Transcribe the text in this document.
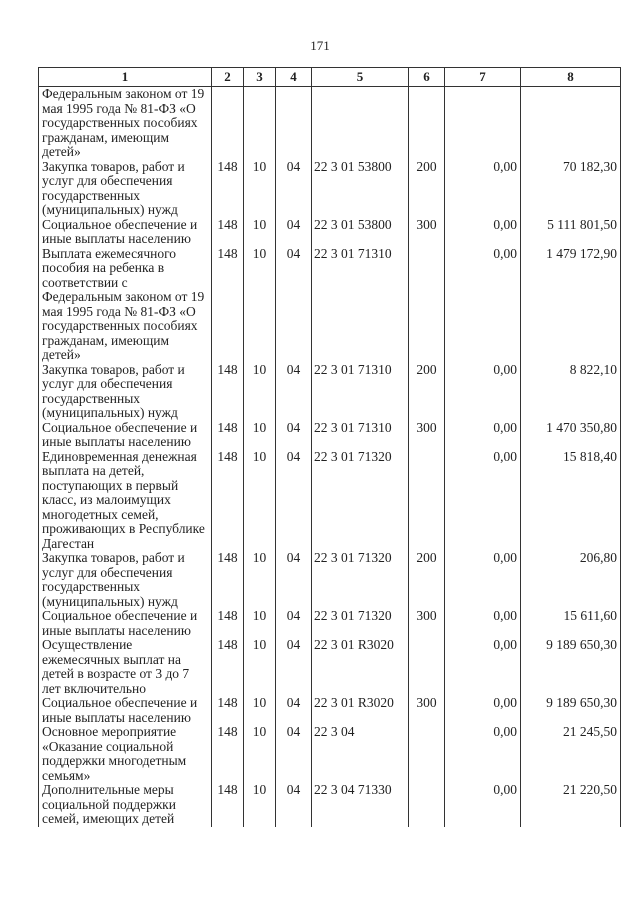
171
1	2	3	4	5	6	7	8
Федеральным законом от 19 мая 1995 года № 81-ФЗ «О государственных пособиях гражданам, имеющим детей»							
Закупка товаров, работ и услуг для обеспечения государственных (муниципальных) нужд	148	10	04	22 3 01 53800	200	0,00	70 182,30
Социальное обеспечение и иные выплаты населению	148	10	04	22 3 01 53800	300	0,00	5 111 801,50
Выплата ежемесячного пособия на ребенка в соответствии с Федеральным законом от 19 мая 1995 года № 81-ФЗ «О государственных пособиях гражданам, имеющим детей»	148	10	04	22 3 01 71310		0,00	1 479 172,90
Закупка товаров, работ и услуг для обеспечения государственных (муниципальных) нужд	148	10	04	22 3 01 71310	200	0,00	8 822,10
Социальное обеспечение и иные выплаты населению	148	10	04	22 3 01 71310	300	0,00	1 470 350,80
Единовременная денежная выплата на детей, поступающих в первый класс, из малоимущих многодетных семей, проживающих в Республике Дагестан	148	10	04	22 3 01 71320		0,00	15 818,40
Закупка товаров, работ и услуг для обеспечения государственных (муниципальных) нужд	148	10	04	22 3 01 71320	200	0,00	206,80
Социальное обеспечение и иные выплаты населению	148	10	04	22 3 01 71320	300	0,00	15 611,60
Осуществление ежемесячных выплат на детей в возрасте от 3 до 7 лет включительно	148	10	04	22 3 01 R3020		0,00	9 189 650,30
Социальное обеспечение и иные выплаты населению	148	10	04	22 3 01 R3020	300	0,00	9 189 650,30
Основное мероприятие «Оказание социальной поддержки многодетным семьям»	148	10	04	22 3 04		0,00	21 245,50
Дополнительные меры социальной поддержки семей, имеющих детей	148	10	04	22 3 04 71330		0,00	21 220,50
